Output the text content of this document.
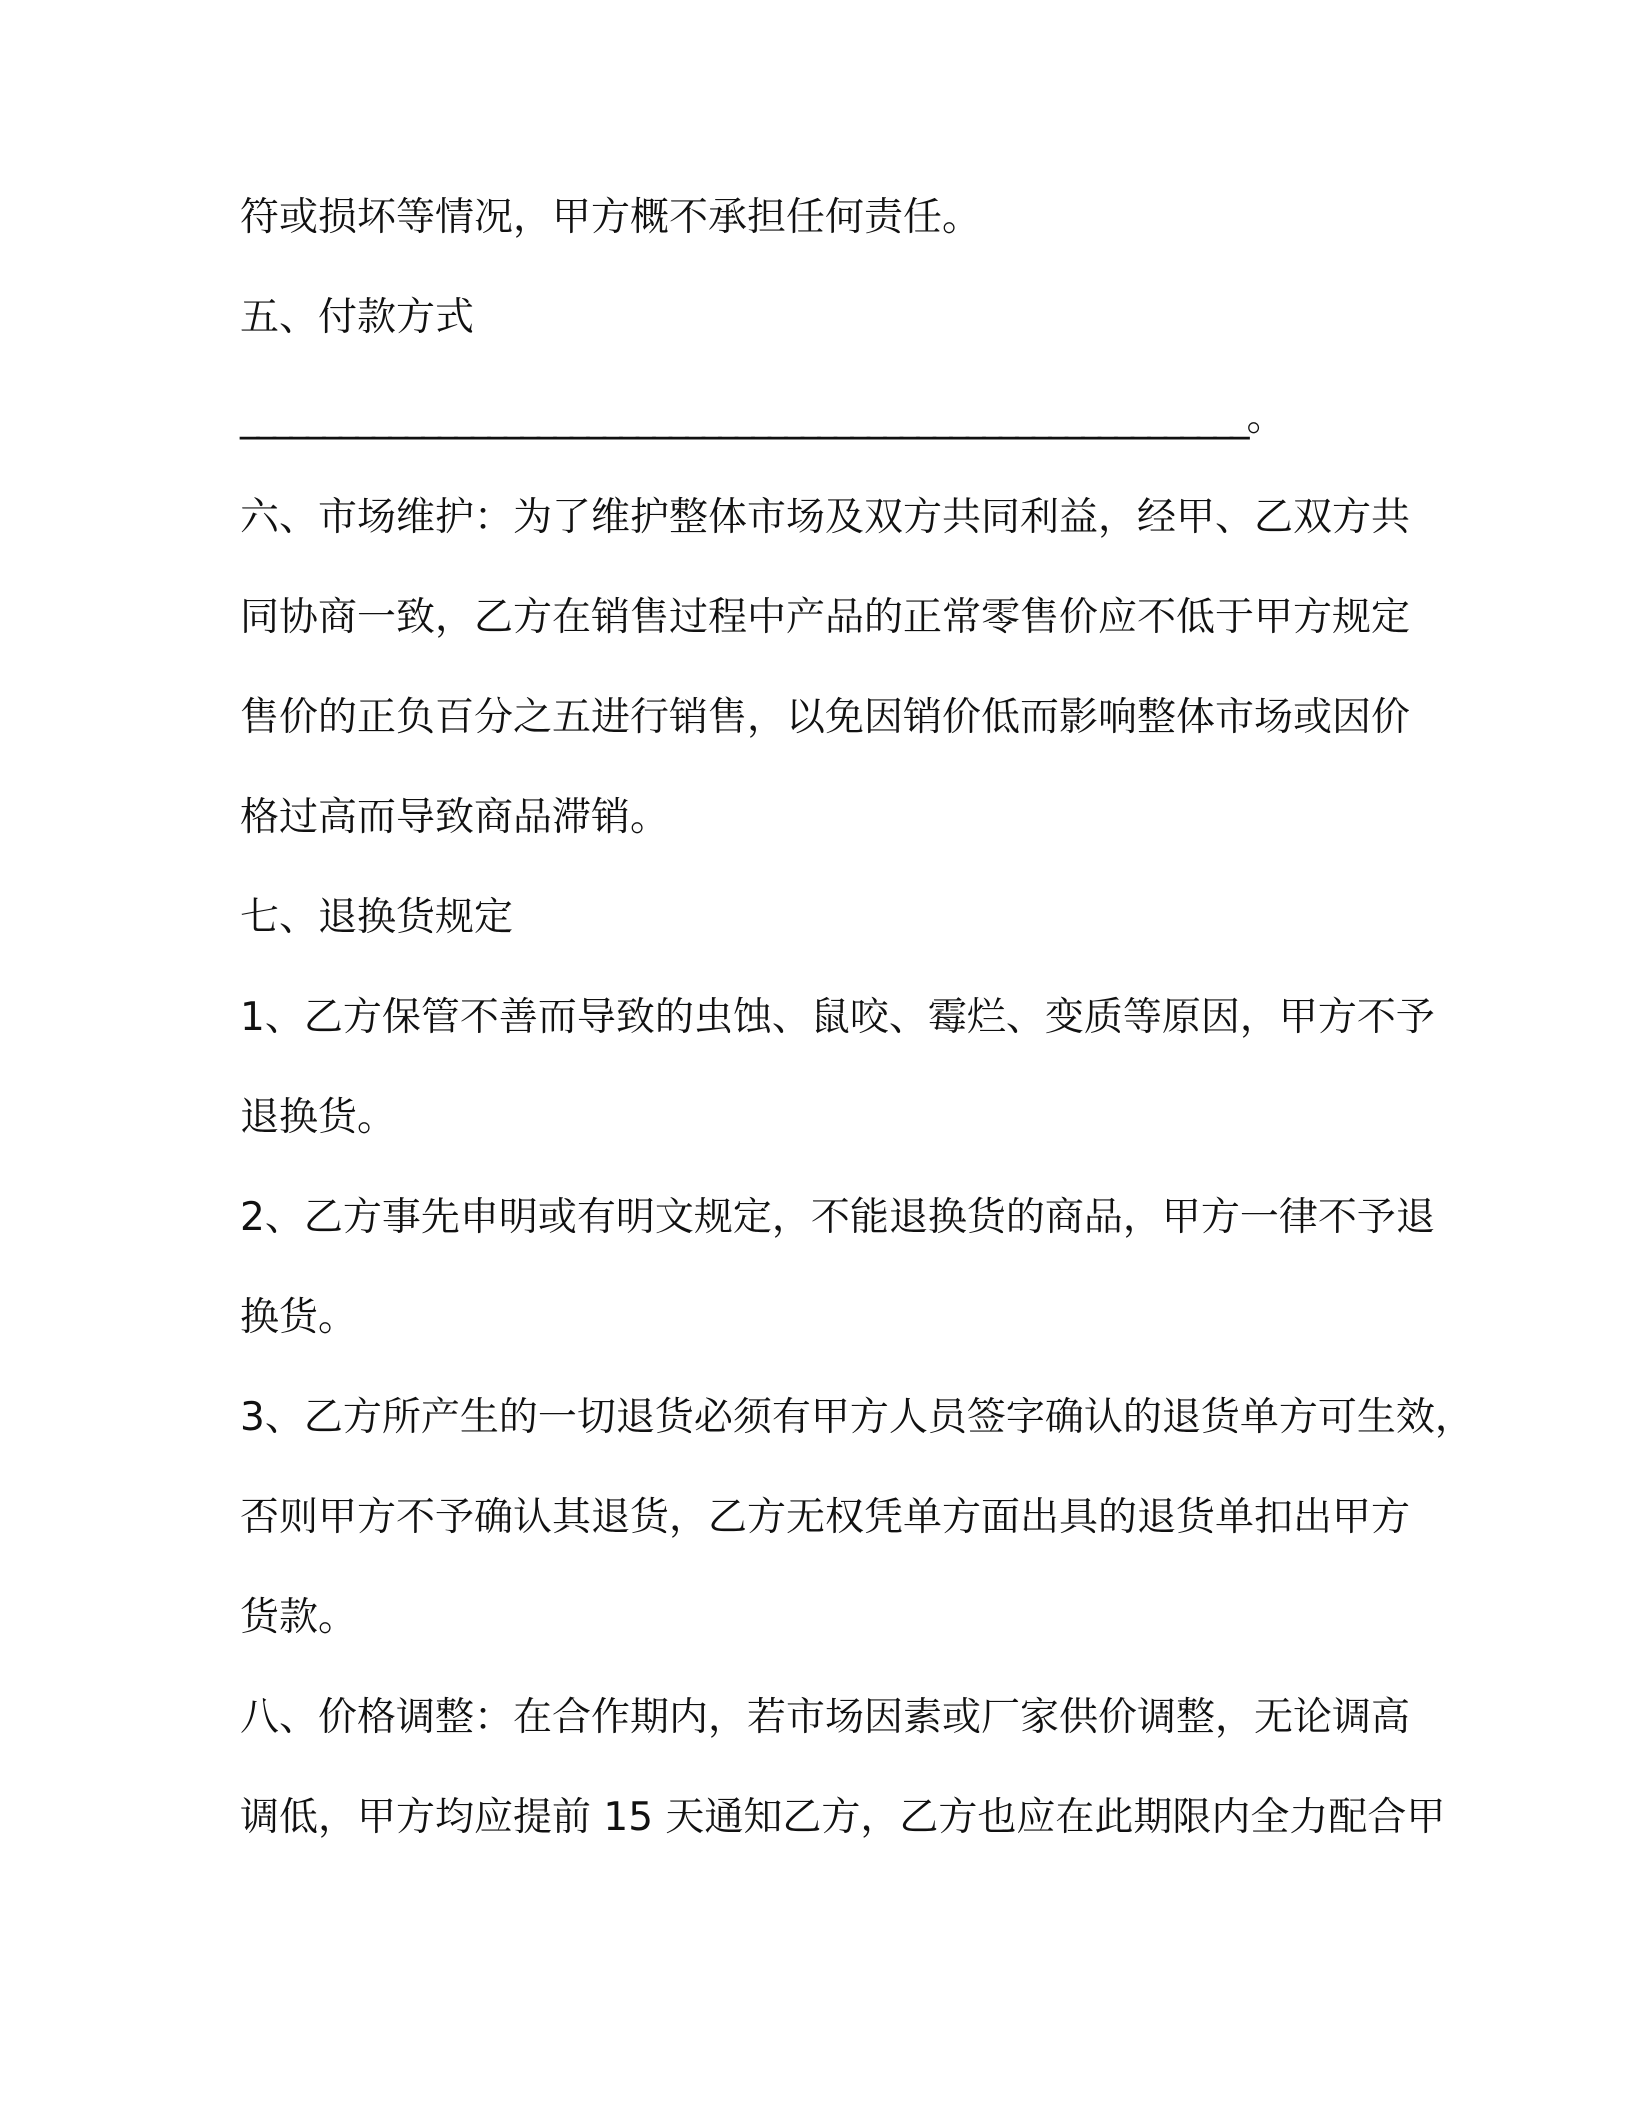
符或损坏等情况，甲方概不承担任何责任。
五、付款方式
_____________________________________________________________。
六、市场维护：为了维护整体市场及双方共同利益，经甲、乙双方共
同协商一致，乙方在销售过程中产品的正常零售价应不低于甲方规定
售价的正负百分之五进行销售，以免因销价低而影响整体市场或因价
格过高而导致商品滞销。
七、退换货规定
1、乙方保管不善而导致的虫蚀、鼠咬、霉烂、变质等原因，甲方不予
退换货。
2、乙方事先申明或有明文规定，不能退换货的商品，甲方一律不予退
换货。
3、乙方所产生的一切退货必须有甲方人员签字确认的退货单方可生效，
否则甲方不予确认其退货，乙方无权凭单方面出具的退货单扣出甲方
货款。
八、价格调整：在合作期内，若市场因素或厂家供价调整，无论调高
调低，甲方均应提前 15 天通知乙方，乙方也应在此期限内全力配合甲
